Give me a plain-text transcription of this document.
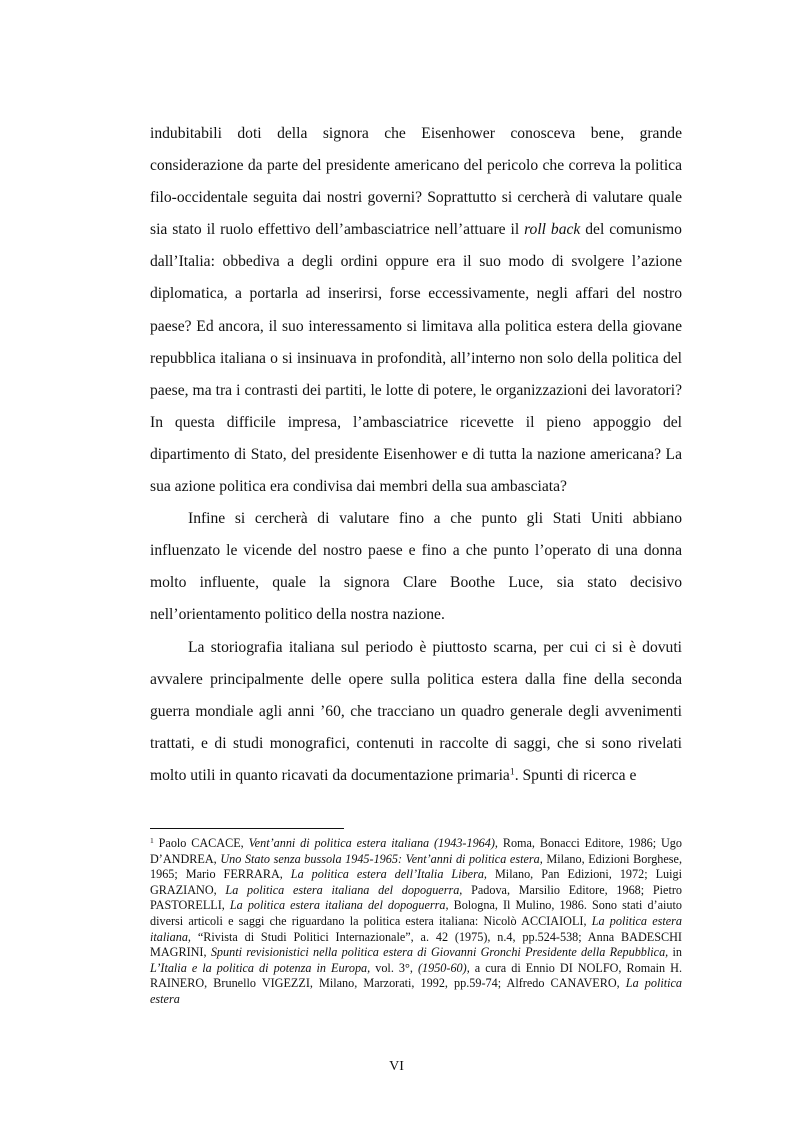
indubitabili doti della signora che Eisenhower conosceva bene, grande considerazione da parte del presidente americano del pericolo che correva la politica filo-occidentale seguita dai nostri governi? Soprattutto si cercherà di valutare quale sia stato il ruolo effettivo dell’ambasciatrice nell’attuare il roll back del comunismo dall’Italia: obbediva a degli ordini oppure era il suo modo di svolgere l’azione diplomatica, a portarla ad inserirsi, forse eccessivamente, negli affari del nostro paese? Ed ancora, il suo interessamento si limitava alla politica estera della giovane repubblica italiana o si insinuava in profondità, all’interno non solo della politica del paese, ma tra i contrasti dei partiti, le lotte di potere, le organizzazioni dei lavoratori? In questa difficile impresa, l’ambasciatrice ricevette il pieno appoggio del dipartimento di Stato, del presidente Eisenhower e di tutta la nazione americana? La sua azione politica era condivisa dai membri della sua ambasciata?

Infine si cercherà di valutare fino a che punto gli Stati Uniti abbiano influenzato le vicende del nostro paese e fino a che punto l’operato di una donna molto influente, quale la signora Clare Boothe Luce, sia stato decisivo nell’orientamento politico della nostra nazione.

La storiografia italiana sul periodo è piuttosto scarna, per cui ci si è dovuti avvalere principalmente delle opere sulla politica estera dalla fine della seconda guerra mondiale agli anni ’60, che tracciano un quadro generale degli avvenimenti trattati, e di studi monografici, contenuti in raccolte di saggi, che si sono rivelati molto utili in quanto ricavati da documentazione primaria$^1$. Spunti di ricerca e

$^1$ Paolo CACACE, Vent’anni di politica estera italiana (1943-1964), Roma, Bonacci Editore, 1986; Ugo D’ANDREA, Uno Stato senza bussola 1945-1965: Vent’anni di politica estera, Milano, Edizioni Borghese, 1965; Mario FERRARA, La politica estera dell’Italia Libera, Milano, Pan Edizioni, 1972; Luigi GRAZIANO, La politica estera italiana del dopoguerra, Padova, Marsilio Editore, 1968; Pietro PASTORELLI, La politica estera italiana del dopoguerra, Bologna, Il Mulino, 1986. Sono stati d’aiuto diversi articoli e saggi che riguardano la politica estera italiana: Nicolò ACCIAIOLI, La politica estera italiana, “Rivista di Studi Politici Internazionale”, a. 42 (1975), n.4, pp.524-538; Anna BADESCHI MAGRINI, Spunti revisionistici nella politica estera di Giovanni Gronchi Presidente della Repubblica, in L’Italia e la politica di potenza in Europa, vol. 3°, (1950-60), a cura di Ennio DI NOLFO, Romain H. RAINERO, Brunello VIGEZZI, Milano, Marzorati, 1992, pp.59-74; Alfredo CANAVERO, La politica estera

VI
